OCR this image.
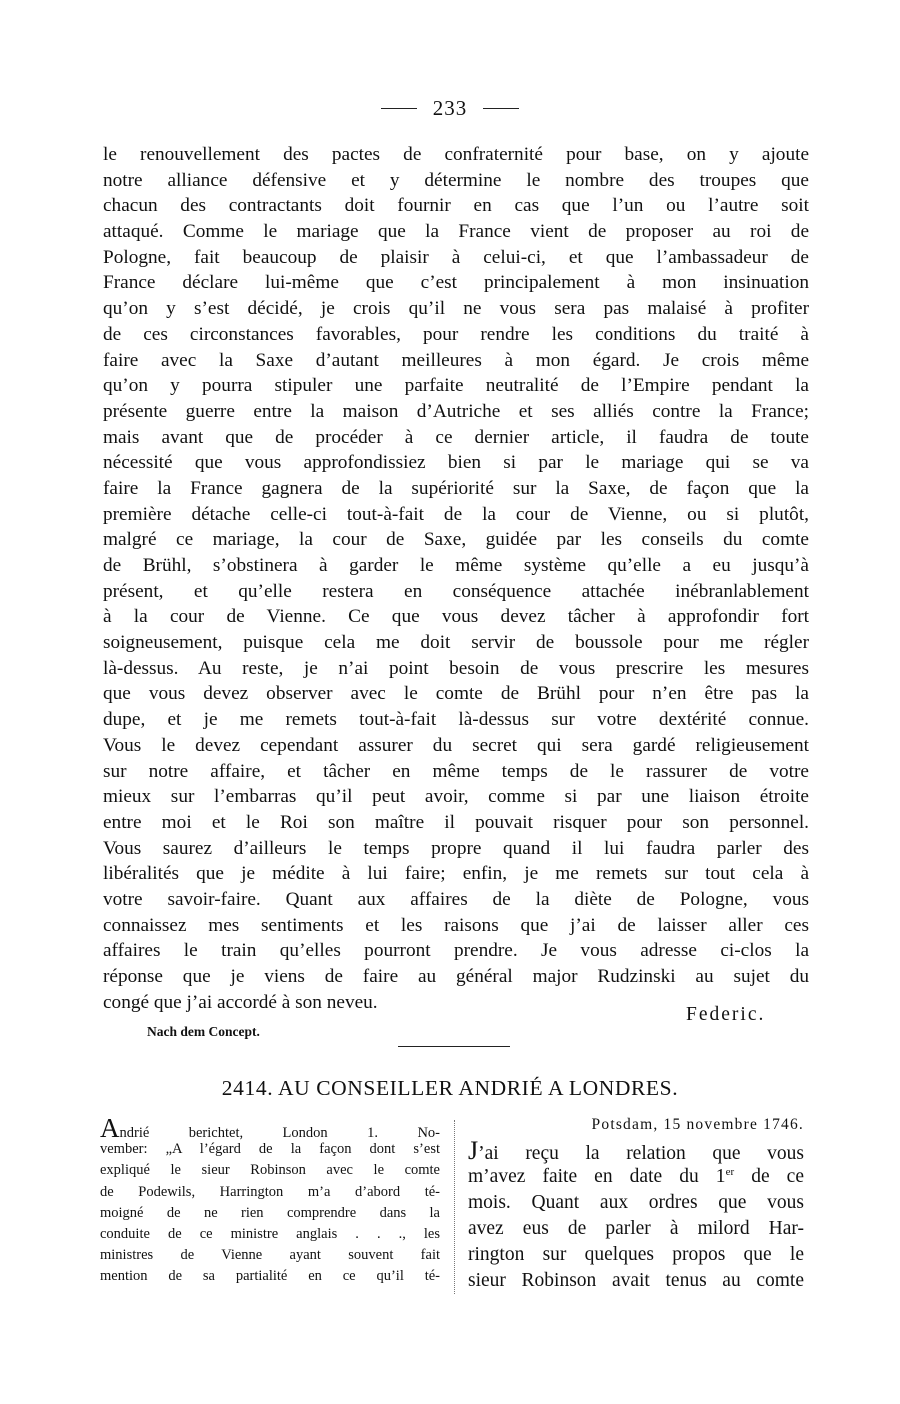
233
le renouvellement des pactes de confraternité pour base, on y ajoute
notre alliance défensive et y détermine le nombre des troupes que
chacun des contractants doit fournir en cas que l’un ou l’autre soit
attaqué. Comme le mariage que la France vient de proposer au roi de
Pologne, fait beaucoup de plaisir à celui-ci, et que l’ambassadeur de
France déclare lui-même que c’est principalement à mon insinuation
qu’on y s’est décidé, je crois qu’il ne vous sera pas malaisé à profiter
de ces circonstances favorables, pour rendre les conditions du traité à
faire avec la Saxe d’autant meilleures à mon égard. Je crois même
qu’on y pourra stipuler une parfaite neutralité de l’Empire pendant la
présente guerre entre la maison d’Autriche et ses alliés contre la France;
mais avant que de procéder à ce dernier article, il faudra de toute
nécessité que vous approfondissiez bien si par le mariage qui se va
faire la France gagnera de la supériorité sur la Saxe, de façon que la
première détache celle-ci tout-à-fait de la cour de Vienne, ou si plutôt,
malgré ce mariage, la cour de Saxe, guidée par les conseils du comte
de Brühl, s’obstinera à garder le même système qu’elle a eu jusqu’à
présent, et qu’elle restera en conséquence attachée inébranlablement
à la cour de Vienne. Ce que vous devez tâcher à approfondir fort
soigneusement, puisque cela me doit servir de boussole pour me régler
là-dessus. Au reste, je n’ai point besoin de vous prescrire les mesures
que vous devez observer avec le comte de Brühl pour n’en être pas la
dupe, et je me remets tout-à-fait là-dessus sur votre dextérité connue.
Vous le devez cependant assurer du secret qui sera gardé religieusement
sur notre affaire, et tâcher en même temps de le rassurer de votre
mieux sur l’embarras qu’il peut avoir, comme si par une liaison étroite
entre moi et le Roi son maître il pouvait risquer pour son personnel.
Vous saurez d’ailleurs le temps propre quand il lui faudra parler des
libéralités que je médite à lui faire; enfin, je me remets sur tout cela à
votre savoir-faire. Quant aux affaires de la diète de Pologne, vous
connaissez mes sentiments et les raisons que j’ai de laisser aller ces
affaires le train qu’elles pourront prendre. Je vous adresse ci-clos la
réponse que je viens de faire au général major Rudzinski au sujet du
congé que j’ai accordé à son neveu.
Federic.
Nach dem Concept.
2414. AU CONSEILLER ANDRIÉ A LONDRES.
Andrié berichtet, London 1. No-
vember: „A l’égard de la façon dont s’est
expliqué le sieur Robinson avec le comte
de Podewils, Harrington m’a d’abord té-
moigné de ne rien comprendre dans la
conduite de ce ministre anglais . . ., les
ministres de Vienne ayant souvent fait
mention de sa partialité en ce qu’il té-
Potsdam, 15 novembre 1746.
J’ai reçu la relation que vous
m’avez faite en date du 1er de ce
mois. Quant aux ordres que vous
avez eus de parler à milord Har-
rington sur quelques propos que le
sieur Robinson avait tenus au comte
